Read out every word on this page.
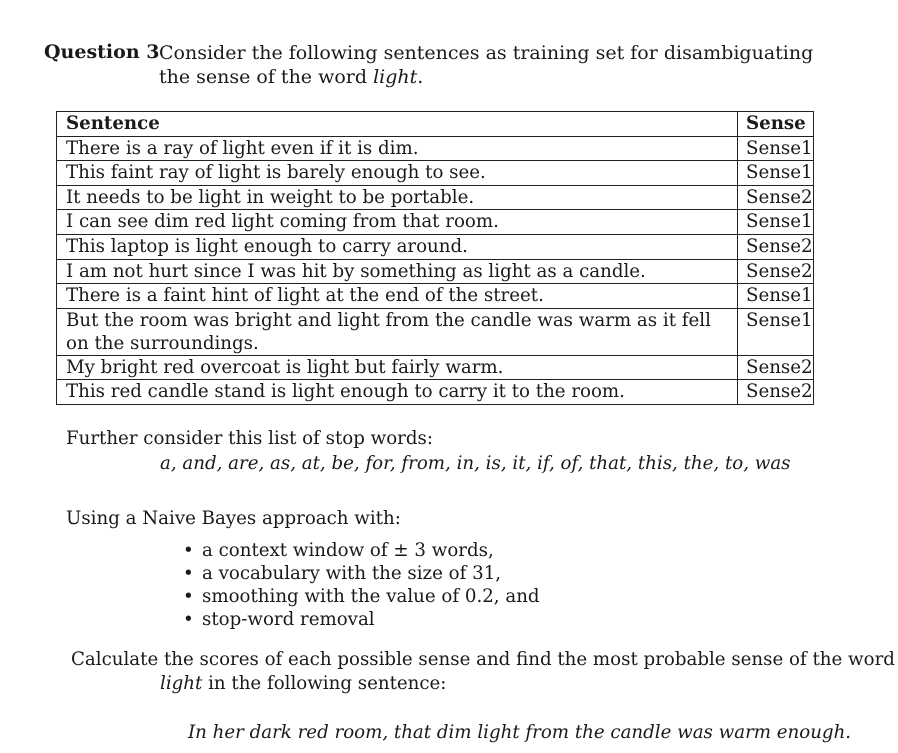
Question 3 Consider the following sentences as training set for disambiguating the sense of the word light.
Sentence	Sense
There is a ray of light even if it is dim.	Sense1
This faint ray of light is barely enough to see.	Sense1
It needs to be light in weight to be portable.	Sense2
I can see dim red light coming from that room.	Sense1
This laptop is light enough to carry around.	Sense2
I am not hurt since I was hit by something as light as a candle.	Sense2
There is a faint hint of light at the end of the street.	Sense1
But the room was bright and light from the candle was warm as it fell on the surroundings.	Sense1
My bright red overcoat is light but fairly warm.	Sense2
This red candle stand is light enough to carry it to the room.	Sense2
Further consider this list of stop words:
a, and, are, as, at, be, for, from, in, is, it, if, of, that, this, the, to, was
Using a Naive Bayes approach with:
• a context window of ± 3 words,
• a vocabulary with the size of 31,
• smoothing with the value of 0.2, and
• stop-word removal
Calculate the scores of each possible sense and find the most probable sense of the word
light in the following sentence:
In her dark red room, that dim light from the candle was warm enough.
